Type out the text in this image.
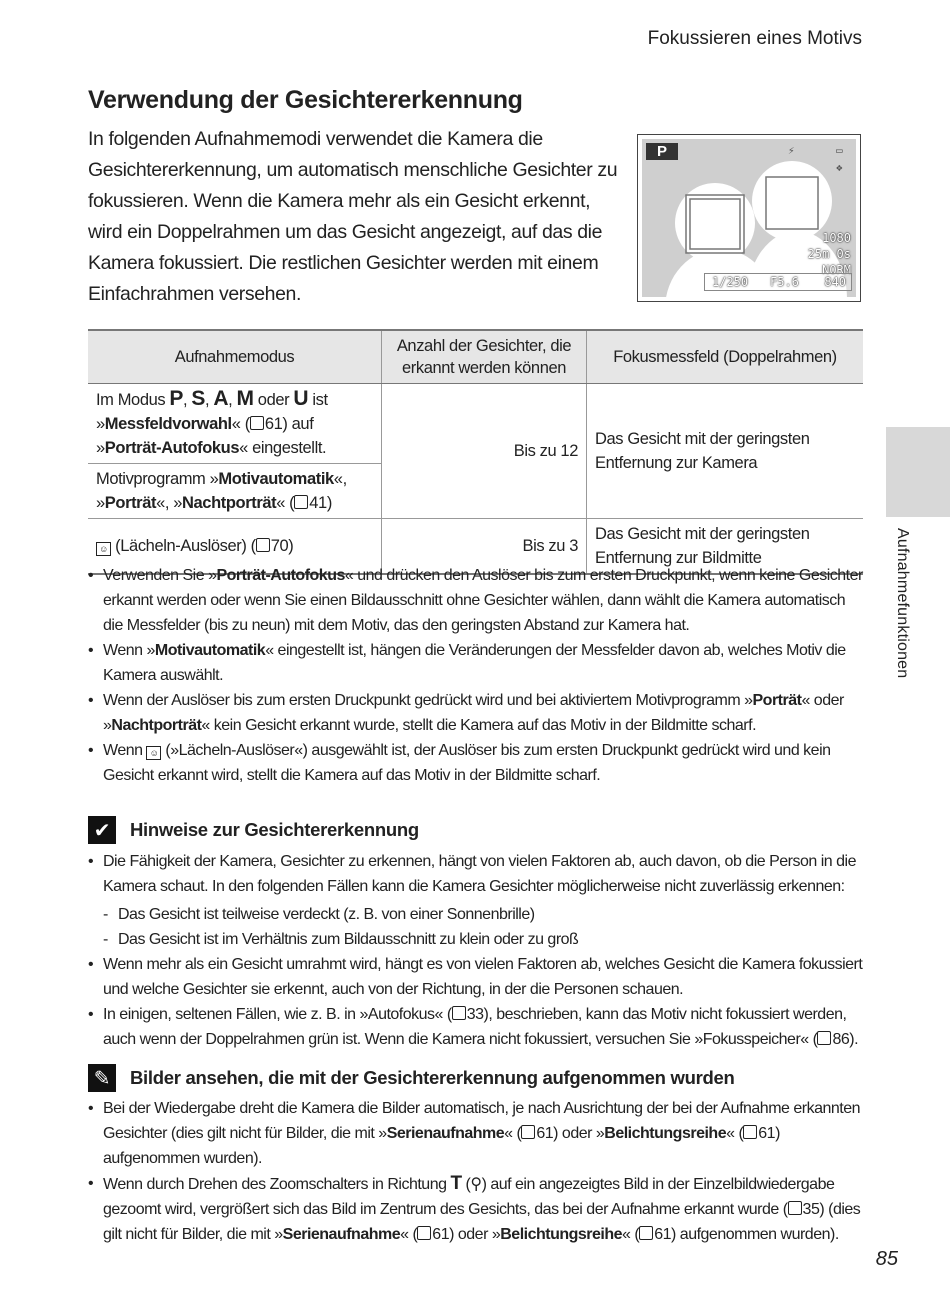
Fokussieren eines Motivs
Verwendung der Gesichtererkennung
In folgenden Aufnahmemodi verwendet die Kamera die Gesichtererkennung, um automatisch menschliche Gesichter zu fokussieren. Wenn die Kamera mehr als ein Gesicht erkennt, wird ein Doppelrahmen um das Gesicht angezeigt, auf das die Kamera fokussiert. Die restlichen Gesichter werden mit einem Einfachrahmen versehen.
P	⚡	▭
❖
1080
25m 0s
NORM
1/250 F5.6 840
Aufnahmemodus	Anzahl der Gesichter, die erkannt werden können	Fokusmessfeld (Doppelrahmen)
Im Modus P, S, A, M oder U ist
»Messfeldvorwahl« ( 61) auf
»Porträt-Autofokus« eingestellt.	Bis zu 12	Das Gesicht mit der geringsten Entfernung zur Kamera
Motivprogramm »Motivautomatik«,
»Porträt«, »Nachtporträt« ( 41)		
☺ (Lächeln-Auslöser) ( 70)	Bis zu 3	Das Gesicht mit der geringsten Entfernung zur Bildmitte
• Verwenden Sie »Porträt-Autofokus« und drücken den Auslöser bis zum ersten Druckpunkt, wenn keine Gesichter erkannt werden oder wenn Sie einen Bildausschnitt ohne Gesichter wählen, dann wählt die Kamera automatisch die Messfelder (bis zu neun) mit dem Motiv, das den geringsten Abstand zur Kamera hat.
• Wenn »Motivautomatik« eingestellt ist, hängen die Veränderungen der Messfelder davon ab, welches Motiv die Kamera auswählt.
• Wenn der Auslöser bis zum ersten Druckpunkt gedrückt wird und bei aktiviertem Motivprogramm »Porträt« oder »Nachtporträt« kein Gesicht erkannt wurde, stellt die Kamera auf das Motiv in der Bildmitte scharf.
• Wenn ☺ (»Lächeln-Auslöser«) ausgewählt ist, der Auslöser bis zum ersten Druckpunkt gedrückt wird und kein Gesicht erkannt wird, stellt die Kamera auf das Motiv in der Bildmitte scharf.
✔	Hinweise zur Gesichtererkennung
• Die Fähigkeit der Kamera, Gesichter zu erkennen, hängt von vielen Faktoren ab, auch davon, ob die Person in die Kamera schaut. In den folgenden Fällen kann die Kamera Gesichter möglicherweise nicht zuverlässig erkennen:
- Das Gesicht ist teilweise verdeckt (z. B. von einer Sonnenbrille)
- Das Gesicht ist im Verhältnis zum Bildausschnitt zu klein oder zu groß
• Wenn mehr als ein Gesicht umrahmt wird, hängt es von vielen Faktoren ab, welches Gesicht die Kamera fokussiert und welche Gesichter sie erkennt, auch von der Richtung, in der die Personen schauen.
• In einigen, seltenen Fällen, wie z. B. in »Autofokus« ( 33), beschrieben, kann das Motiv nicht fokussiert werden, auch wenn der Doppelrahmen grün ist. Wenn die Kamera nicht fokussiert, versuchen Sie »Fokusspeicher« ( 86).
✎	Bilder ansehen, die mit der Gesichtererkennung aufgenommen wurden
• Bei der Wiedergabe dreht die Kamera die Bilder automatisch, je nach Ausrichtung der bei der Aufnahme erkannten Gesichter (dies gilt nicht für Bilder, die mit »Serienaufnahme« ( 61) oder »Belichtungsreihe« ( 61) aufgenommen wurden).
• Wenn durch Drehen des Zoomschalters in Richtung T (⚲) auf ein angezeigtes Bild in der Einzelbildwiedergabe gezoomt wird, vergrößert sich das Bild im Zentrum des Gesichts, das bei der Aufnahme erkannt wurde ( 35) (dies gilt nicht für Bilder, die mit »Serienaufnahme« ( 61) oder »Belichtungsreihe« ( 61) aufgenommen wurden).
Aufnahmefunktionen
85
